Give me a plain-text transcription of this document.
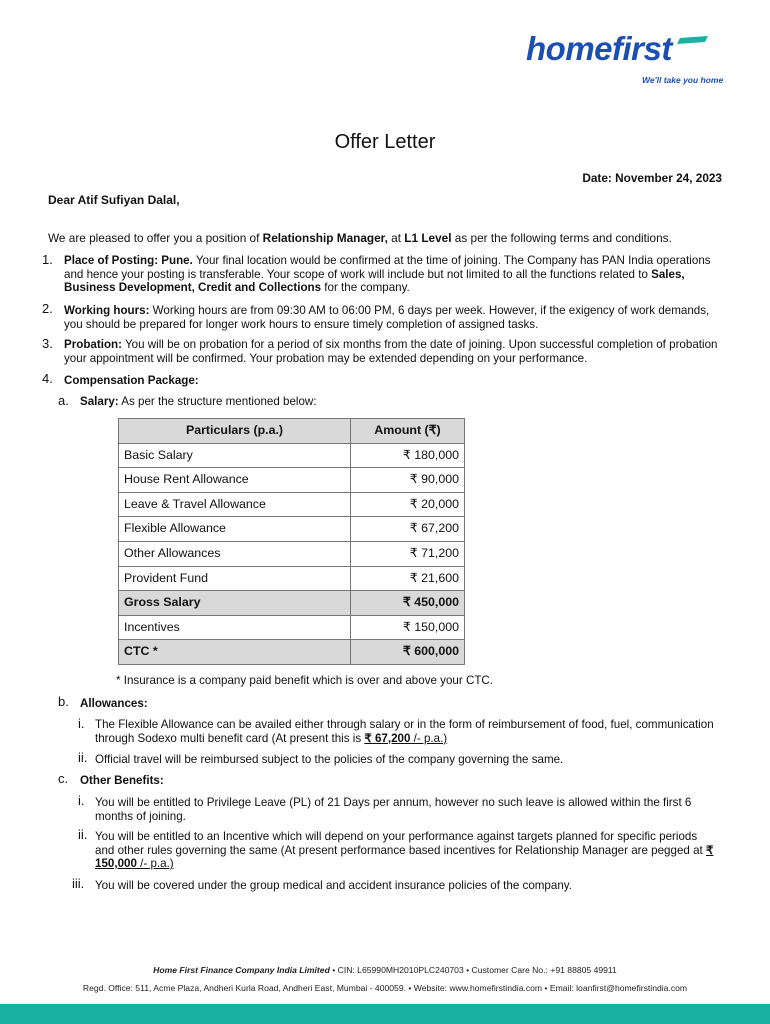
homefirst
We'll take you home
Offer Letter
Date: November 24, 2023
Dear Atif Sufiyan Dalal,
We are pleased to offer you a position of Relationship Manager, at L1 Level as per the following terms and conditions.
1. Place of Posting: Pune. Your final location would be confirmed at the time of joining. The Company has PAN India operations and hence your posting is transferable. Your scope of work will include but not limited to all the functions related to Sales, Business Development, Credit and Collections for the company.
2. Working hours: Working hours are from 09:30 AM to 06:00 PM, 6 days per week. However, if the exigency of work demands, you should be prepared for longer work hours to ensure timely completion of assigned tasks.
3. Probation: You will be on probation for a period of six months from the date of joining. Upon successful completion of probation your appointment will be confirmed. Your probation may be extended depending on your performance.
4. Compensation Package:
a. Salary: As per the structure mentioned below:
Particulars (p.a.)	Amount (₹)
Basic Salary	₹ 180,000
House Rent Allowance	₹ 90,000
Leave & Travel Allowance	₹ 20,000
Flexible Allowance	₹ 67,200
Other Allowances	₹ 71,200
Provident Fund	₹ 21,600
Gross Salary	₹ 450,000
Incentives	₹ 150,000
CTC *	₹ 600,000
* Insurance is a company paid benefit which is over and above your CTC.
b. Allowances:
i. The Flexible Allowance can be availed either through salary or in the form of reimbursement of food, fuel, communication through Sodexo multi benefit card (At present this is ₹ 67,200 /- p.a.)
ii. Official travel will be reimbursed subject to the policies of the company governing the same.
c. Other Benefits:
i. You will be entitled to Privilege Leave (PL) of 21 Days per annum, however no such leave is allowed within the first 6 months of joining.
ii. You will be entitled to an Incentive which will depend on your performance against targets planned for specific periods and other rules governing the same (At present performance based incentives for Relationship Manager are pegged at ₹ 150,000 /- p.a.)
iii. You will be covered under the group medical and accident insurance policies of the company.
Home First Finance Company India Limited • CIN: L65990MH2010PLC240703 • Customer Care No.: +91 88805 49911
Regd. Office: 511, Acme Plaza, Andheri Kurla Road, Andheri East, Mumbai - 400059. • Website: www.homefirstindia.com • Email: loanfirst@homefirstindia.com
